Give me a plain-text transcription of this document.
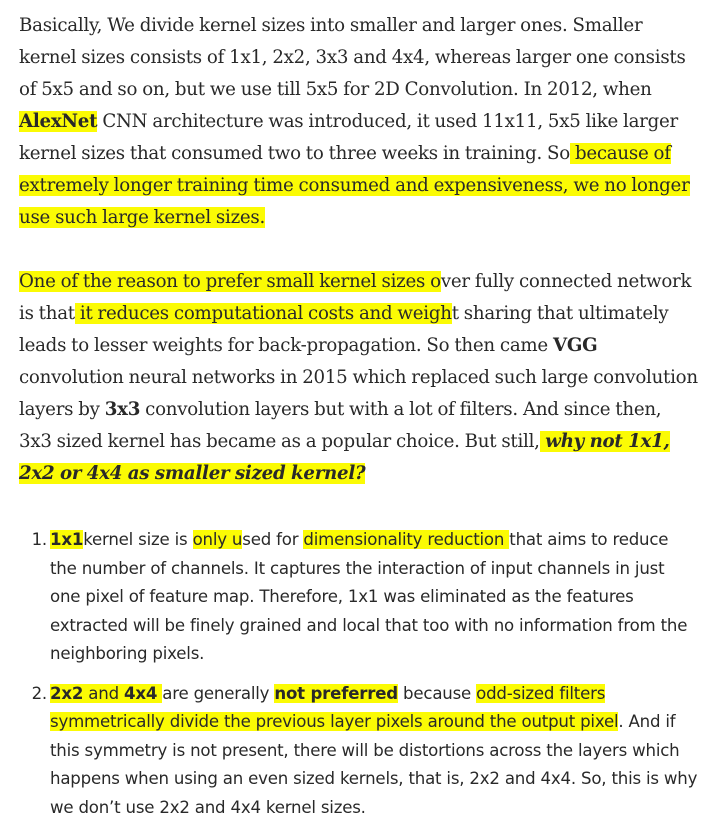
Basically, We divide kernel sizes into smaller and larger ones. Smaller kernel sizes consists of 1x1, 2x2, 3x3 and 4x4, whereas larger one consists of 5x5 and so on, but we use till 5x5 for 2D Convolution. In 2012, when AlexNet CNN architecture was introduced, it used 11x11, 5x5 like larger kernel sizes that consumed two to three weeks in training. So because of extremely longer training time consumed and expensiveness, we no longer use such large kernel sizes.

One of the reason to prefer small kernel sizes over fully connected network is that it reduces computational costs and weight sharing that ultimately leads to lesser weights for back-propagation. So then came VGG convolution neural networks in 2015 which replaced such large convolution layers by 3x3 convolution layers but with a lot of filters. And since then, 3x3 sized kernel has became as a popular choice. But still, why not 1x1, 2x2 or 4x4 as smaller sized kernel?

1. 1x1kernel size is only used for dimensionality reduction that aims to reduce the number of channels. It captures the interaction of input channels in just one pixel of feature map. Therefore, 1x1 was eliminated as the features extracted will be finely grained and local that too with no information from the neighboring pixels.
2. 2x2 and 4x4 are generally not preferred because odd-sized filters symmetrically divide the previous layer pixels around the output pixel. And if this symmetry is not present, there will be distortions across the layers which happens when using an even sized kernels, that is, 2x2 and 4x4. So, this is why we don’t use 2x2 and 4x4 kernel sizes.
